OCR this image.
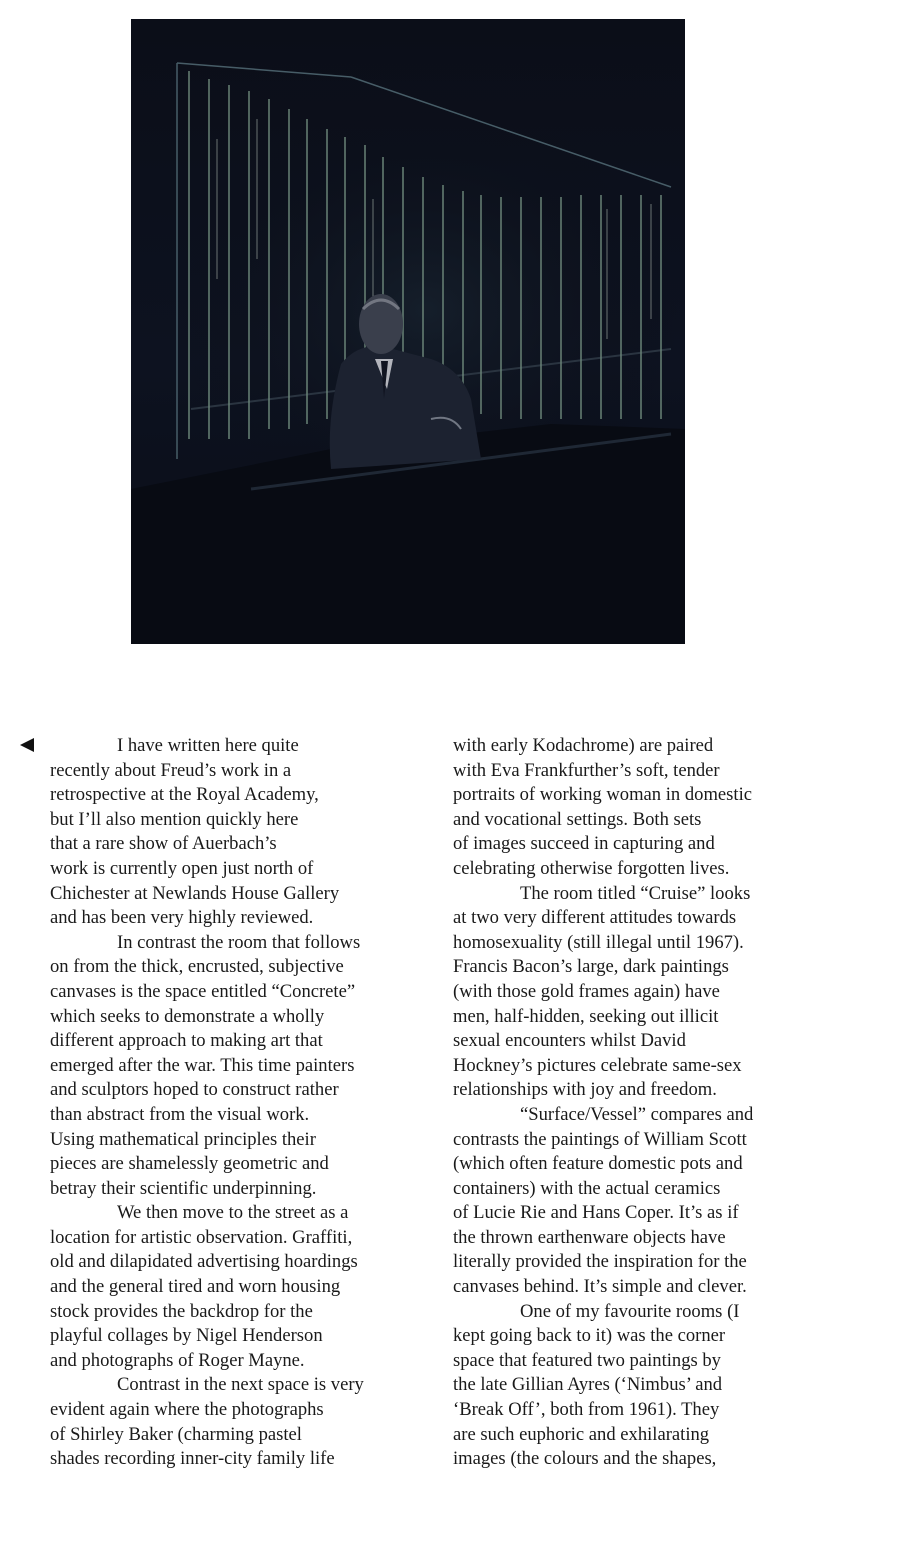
I have written here quite
recently about Freud’s work in a
retrospective at the Royal Academy,
but I’ll also mention quickly here
that a rare show of Auerbach’s
work is currently open just north of
Chichester at Newlands House Gallery
and has been very highly reviewed.
In contrast the room that follows
on from the thick, encrusted, subjective
canvases is the space entitled “Concrete”
which seeks to demonstrate a wholly
different approach to making art that
emerged after the war. This time painters
and sculptors hoped to construct rather
than abstract from the visual work.
Using mathematical principles their
pieces are shamelessly geometric and
betray their scientific underpinning.
We then move to the street as a
location for artistic observation. Graffiti,
old and dilapidated advertising hoardings
and the general tired and worn housing
stock provides the backdrop for the
playful collages by Nigel Henderson
and photographs of Roger Mayne.
Contrast in the next space is very
evident again where the photographs
of Shirley Baker (charming pastel
shades recording inner-city family life
with early Kodachrome) are paired
with Eva Frankfurther’s soft, tender
portraits of working woman in domestic
and vocational settings. Both sets
of images succeed in capturing and
celebrating otherwise forgotten lives.
The room titled “Cruise” looks
at two very different attitudes towards
homosexuality (still illegal until 1967).
Francis Bacon’s large, dark paintings
(with those gold frames again) have
men, half-hidden, seeking out illicit
sexual encounters whilst David
Hockney’s pictures celebrate same-sex
relationships with joy and freedom.
“Surface/Vessel” compares and
contrasts the paintings of William Scott
(which often feature domestic pots and
containers) with the actual ceramics
of Lucie Rie and Hans Coper. It’s as if
the thrown earthenware objects have
literally provided the inspiration for the
canvases behind. It’s simple and clever.
One of my favourite rooms (I
kept going back to it) was the corner
space that featured two paintings by
the late Gillian Ayres (‘Nimbus’ and
‘Break Off’, both from 1961). They
are such euphoric and exhilarating
images (the colours and the shapes,
